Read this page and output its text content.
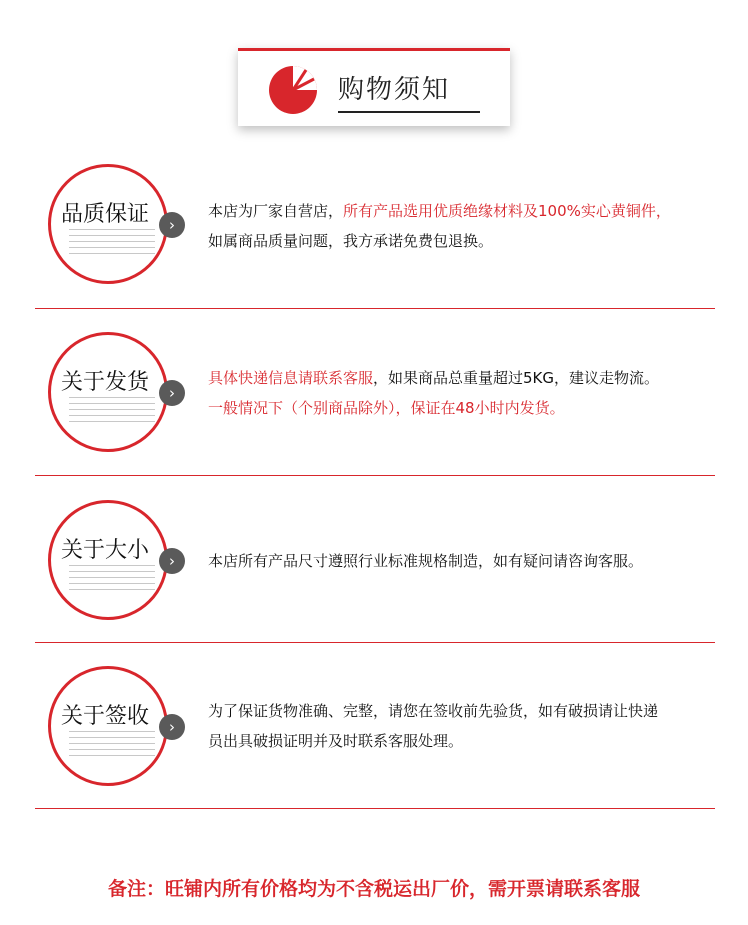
购物须知
品质保证	›
本店为厂家自营店，所有产品选用优质绝缘材料及100%实心黄铜件，
如属商品质量问题，我方承诺免费包退换。
关于发货	›
具体快递信息请联系客服，如果商品总重量超过5KG，建议走物流。
一般情况下（个别商品除外），保证在48小时内发货。
关于大小	›	本店所有产品尺寸遵照行业标准规格制造，如有疑问请咨询客服。
关于签收	›
为了保证货物准确、完整，请您在签收前先验货，如有破损请让快递
员出具破损证明并及时联系客服处理。
备注：旺铺内所有价格均为不含税运出厂价，需开票请联系客服
